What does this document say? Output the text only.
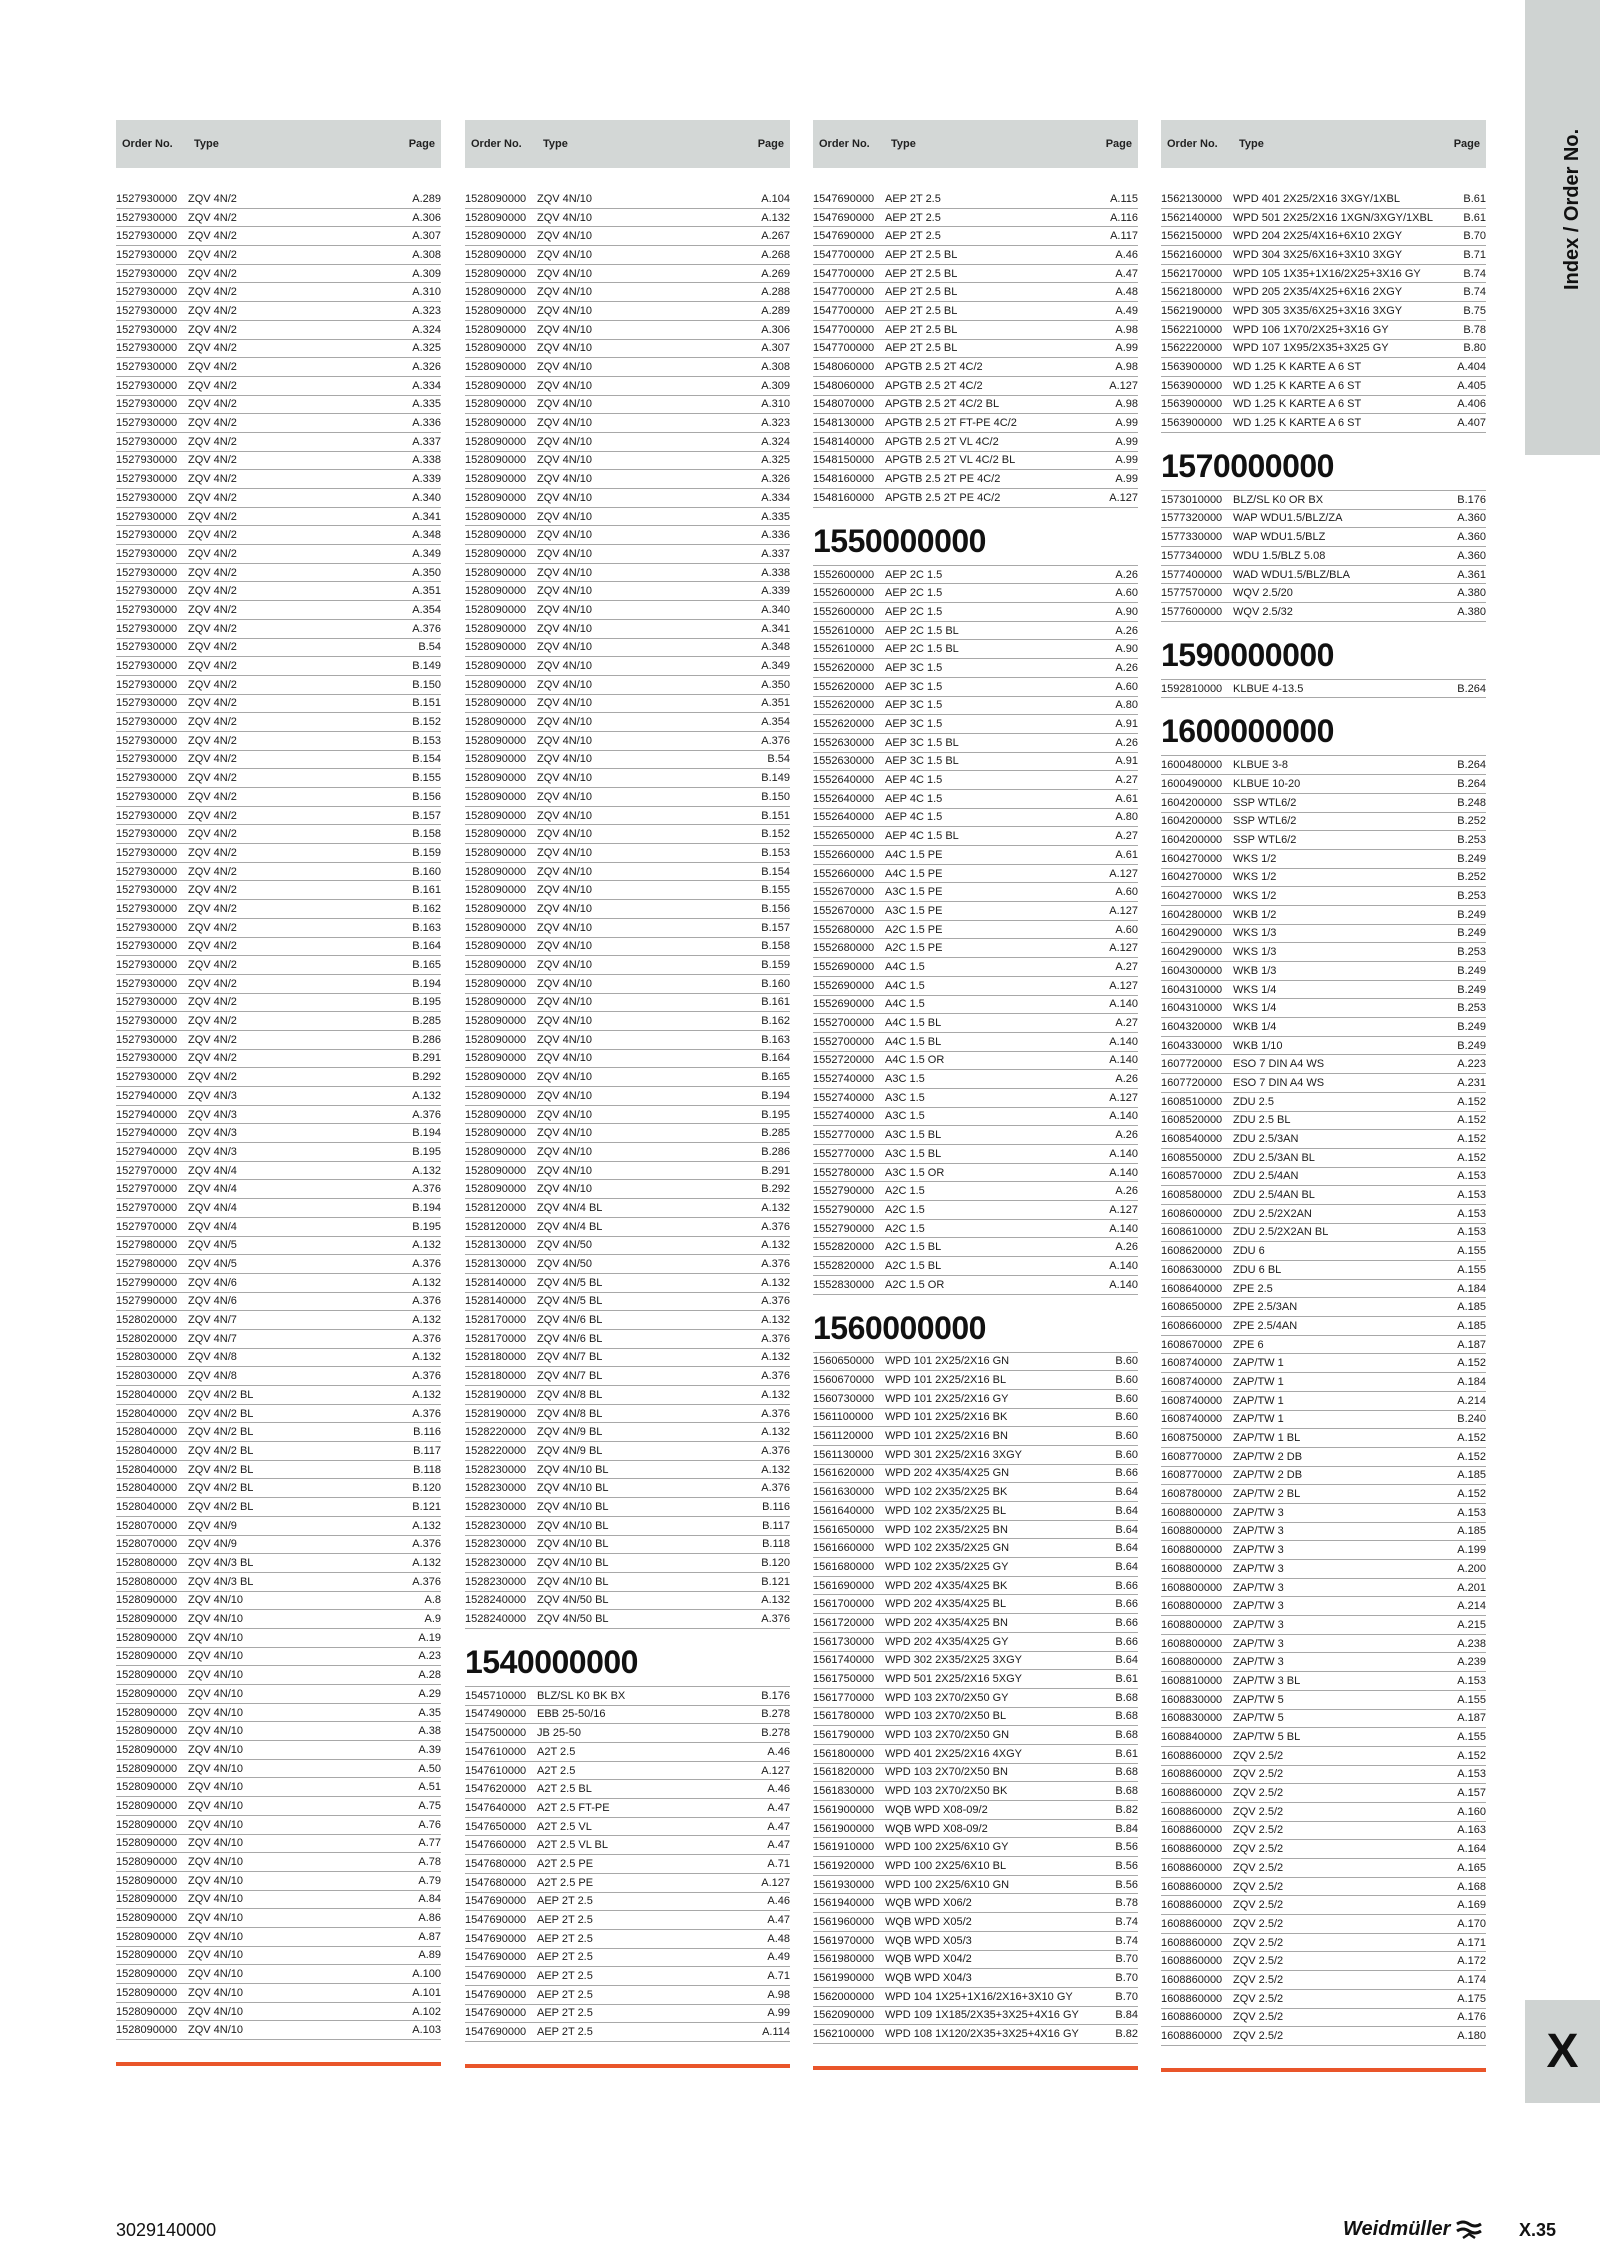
Index / Order No.
X
Order No.	Type	Page
1527930000 ZQV 4N/2	A.289
1527930000 ZQV 4N/2	A.306
1527930000 ZQV 4N/2	A.307
1527930000 ZQV 4N/2	A.308
1527930000 ZQV 4N/2	A.309
1527930000 ZQV 4N/2	A.310
1527930000 ZQV 4N/2	A.323
1527930000 ZQV 4N/2	A.324
1527930000 ZQV 4N/2	A.325
1527930000 ZQV 4N/2	A.326
1527930000 ZQV 4N/2	A.334
1527930000 ZQV 4N/2	A.335
1527930000 ZQV 4N/2	A.336
1527930000 ZQV 4N/2	A.337
1527930000 ZQV 4N/2	A.338
1527930000 ZQV 4N/2	A.339
1527930000 ZQV 4N/2	A.340
1527930000 ZQV 4N/2	A.341
1527930000 ZQV 4N/2	A.348
1527930000 ZQV 4N/2	A.349
1527930000 ZQV 4N/2	A.350
1527930000 ZQV 4N/2	A.351
1527930000 ZQV 4N/2	A.354
1527930000 ZQV 4N/2	A.376
1527930000 ZQV 4N/2	B.54
1527930000 ZQV 4N/2	B.149
1527930000 ZQV 4N/2	B.150
1527930000 ZQV 4N/2	B.151
1527930000 ZQV 4N/2	B.152
1527930000 ZQV 4N/2	B.153
1527930000 ZQV 4N/2	B.154
1527930000 ZQV 4N/2	B.155
1527930000 ZQV 4N/2	B.156
1527930000 ZQV 4N/2	B.157
1527930000 ZQV 4N/2	B.158
1527930000 ZQV 4N/2	B.159
1527930000 ZQV 4N/2	B.160
1527930000 ZQV 4N/2	B.161
1527930000 ZQV 4N/2	B.162
1527930000 ZQV 4N/2	B.163
1527930000 ZQV 4N/2	B.164
1527930000 ZQV 4N/2	B.165
1527930000 ZQV 4N/2	B.194
1527930000 ZQV 4N/2	B.195
1527930000 ZQV 4N/2	B.285
1527930000 ZQV 4N/2	B.286
1527930000 ZQV 4N/2	B.291
1527930000 ZQV 4N/2	B.292
1527940000 ZQV 4N/3	A.132
1527940000 ZQV 4N/3	A.376
1527940000 ZQV 4N/3	B.194
1527940000 ZQV 4N/3	B.195
1527970000 ZQV 4N/4	A.132
1527970000 ZQV 4N/4	A.376
1527970000 ZQV 4N/4	B.194
1527970000 ZQV 4N/4	B.195
1527980000 ZQV 4N/5	A.132
1527980000 ZQV 4N/5	A.376
1527990000 ZQV 4N/6	A.132
1527990000 ZQV 4N/6	A.376
1528020000 ZQV 4N/7	A.132
1528020000 ZQV 4N/7	A.376
1528030000 ZQV 4N/8	A.132
1528030000 ZQV 4N/8	A.376
1528040000 ZQV 4N/2 BL	A.132
1528040000 ZQV 4N/2 BL	A.376
1528040000 ZQV 4N/2 BL	B.116
1528040000 ZQV 4N/2 BL	B.117
1528040000 ZQV 4N/2 BL	B.118
1528040000 ZQV 4N/2 BL	B.120
1528040000 ZQV 4N/2 BL	B.121
1528070000 ZQV 4N/9	A.132
1528070000 ZQV 4N/9	A.376
1528080000 ZQV 4N/3 BL	A.132
1528080000 ZQV 4N/3 BL	A.376
1528090000 ZQV 4N/10	A.8
1528090000 ZQV 4N/10	A.9
1528090000 ZQV 4N/10	A.19
1528090000 ZQV 4N/10	A.23
1528090000 ZQV 4N/10	A.28
1528090000 ZQV 4N/10	A.29
1528090000 ZQV 4N/10	A.35
1528090000 ZQV 4N/10	A.38
1528090000 ZQV 4N/10	A.39
1528090000 ZQV 4N/10	A.50
1528090000 ZQV 4N/10	A.51
1528090000 ZQV 4N/10	A.75
1528090000 ZQV 4N/10	A.76
1528090000 ZQV 4N/10	A.77
1528090000 ZQV 4N/10	A.78
1528090000 ZQV 4N/10	A.79
1528090000 ZQV 4N/10	A.84
1528090000 ZQV 4N/10	A.86
1528090000 ZQV 4N/10	A.87
1528090000 ZQV 4N/10	A.89
1528090000 ZQV 4N/10	A.100
1528090000 ZQV 4N/10	A.101
1528090000 ZQV 4N/10	A.102
1528090000 ZQV 4N/10	A.103
Order No.	Type	Page
1528090000 ZQV 4N/10	A.104
1528090000 ZQV 4N/10	A.132
1528090000 ZQV 4N/10	A.267
1528090000 ZQV 4N/10	A.268
1528090000 ZQV 4N/10	A.269
1528090000 ZQV 4N/10	A.288
1528090000 ZQV 4N/10	A.289
1528090000 ZQV 4N/10	A.306
1528090000 ZQV 4N/10	A.307
1528090000 ZQV 4N/10	A.308
1528090000 ZQV 4N/10	A.309
1528090000 ZQV 4N/10	A.310
1528090000 ZQV 4N/10	A.323
1528090000 ZQV 4N/10	A.324
1528090000 ZQV 4N/10	A.325
1528090000 ZQV 4N/10	A.326
1528090000 ZQV 4N/10	A.334
1528090000 ZQV 4N/10	A.335
1528090000 ZQV 4N/10	A.336
1528090000 ZQV 4N/10	A.337
1528090000 ZQV 4N/10	A.338
1528090000 ZQV 4N/10	A.339
1528090000 ZQV 4N/10	A.340
1528090000 ZQV 4N/10	A.341
1528090000 ZQV 4N/10	A.348
1528090000 ZQV 4N/10	A.349
1528090000 ZQV 4N/10	A.350
1528090000 ZQV 4N/10	A.351
1528090000 ZQV 4N/10	A.354
1528090000 ZQV 4N/10	A.376
1528090000 ZQV 4N/10	B.54
1528090000 ZQV 4N/10	B.149
1528090000 ZQV 4N/10	B.150
1528090000 ZQV 4N/10	B.151
1528090000 ZQV 4N/10	B.152
1528090000 ZQV 4N/10	B.153
1528090000 ZQV 4N/10	B.154
1528090000 ZQV 4N/10	B.155
1528090000 ZQV 4N/10	B.156
1528090000 ZQV 4N/10	B.157
1528090000 ZQV 4N/10	B.158
1528090000 ZQV 4N/10	B.159
1528090000 ZQV 4N/10	B.160
1528090000 ZQV 4N/10	B.161
1528090000 ZQV 4N/10	B.162
1528090000 ZQV 4N/10	B.163
1528090000 ZQV 4N/10	B.164
1528090000 ZQV 4N/10	B.165
1528090000 ZQV 4N/10	B.194
1528090000 ZQV 4N/10	B.195
1528090000 ZQV 4N/10	B.285
1528090000 ZQV 4N/10	B.286
1528090000 ZQV 4N/10	B.291
1528090000 ZQV 4N/10	B.292
1528120000 ZQV 4N/4 BL	A.132
1528120000 ZQV 4N/4 BL	A.376
1528130000 ZQV 4N/50	A.132
1528130000 ZQV 4N/50	A.376
1528140000 ZQV 4N/5 BL	A.132
1528140000 ZQV 4N/5 BL	A.376
1528170000 ZQV 4N/6 BL	A.132
1528170000 ZQV 4N/6 BL	A.376
1528180000 ZQV 4N/7 BL	A.132
1528180000 ZQV 4N/7 BL	A.376
1528190000 ZQV 4N/8 BL	A.132
1528190000 ZQV 4N/8 BL	A.376
1528220000 ZQV 4N/9 BL	A.132
1528220000 ZQV 4N/9 BL	A.376
1528230000 ZQV 4N/10 BL	A.132
1528230000 ZQV 4N/10 BL	A.376
1528230000 ZQV 4N/10 BL	B.116
1528230000 ZQV 4N/10 BL	B.117
1528230000 ZQV 4N/10 BL	B.118
1528230000 ZQV 4N/10 BL	B.120
1528230000 ZQV 4N/10 BL	B.121
1528240000 ZQV 4N/50 BL	A.132
1528240000 ZQV 4N/50 BL	A.376
1540000000
1545710000 BLZ/SL K0 BK BX	B.176
1547490000 EBB 25-50/16	B.278
1547500000 JB 25-50	B.278
1547610000 A2T 2.5	A.46
1547610000 A2T 2.5	A.127
1547620000 A2T 2.5 BL	A.46
1547640000 A2T 2.5 FT-PE	A.47
1547650000 A2T 2.5 VL	A.47
1547660000 A2T 2.5 VL BL	A.47
1547680000 A2T 2.5 PE	A.71
1547680000 A2T 2.5 PE	A.127
1547690000 AEP 2T 2.5	A.46
1547690000 AEP 2T 2.5	A.47
1547690000 AEP 2T 2.5	A.48
1547690000 AEP 2T 2.5	A.49
1547690000 AEP 2T 2.5	A.71
1547690000 AEP 2T 2.5	A.98
1547690000 AEP 2T 2.5	A.99
1547690000 AEP 2T 2.5	A.114
Order No.	Type	Page
1547690000 AEP 2T 2.5	A.115
1547690000 AEP 2T 2.5	A.116
1547690000 AEP 2T 2.5	A.117
1547700000 AEP 2T 2.5 BL	A.46
1547700000 AEP 2T 2.5 BL	A.47
1547700000 AEP 2T 2.5 BL	A.48
1547700000 AEP 2T 2.5 BL	A.49
1547700000 AEP 2T 2.5 BL	A.98
1547700000 AEP 2T 2.5 BL	A.99
1548060000 APGTB 2.5 2T 4C/2	A.98
1548060000 APGTB 2.5 2T 4C/2	A.127
1548070000 APGTB 2.5 2T 4C/2 BL	A.98
1548130000 APGTB 2.5 2T FT-PE 4C/2	A.99
1548140000 APGTB 2.5 2T VL 4C/2	A.99
1548150000 APGTB 2.5 2T VL 4C/2 BL	A.99
1548160000 APGTB 2.5 2T PE 4C/2	A.99
1548160000 APGTB 2.5 2T PE 4C/2	A.127
1550000000
1552600000 AEP 2C 1.5	A.26
1552600000 AEP 2C 1.5	A.60
1552600000 AEP 2C 1.5	A.90
1552610000 AEP 2C 1.5 BL	A.26
1552610000 AEP 2C 1.5 BL	A.90
1552620000 AEP 3C 1.5	A.26
1552620000 AEP 3C 1.5	A.60
1552620000 AEP 3C 1.5	A.80
1552620000 AEP 3C 1.5	A.91
1552630000 AEP 3C 1.5 BL	A.26
1552630000 AEP 3C 1.5 BL	A.91
1552640000 AEP 4C 1.5	A.27
1552640000 AEP 4C 1.5	A.61
1552640000 AEP 4C 1.5	A.80
1552650000 AEP 4C 1.5 BL	A.27
1552660000 A4C 1.5 PE	A.61
1552660000 A4C 1.5 PE	A.127
1552670000 A3C 1.5 PE	A.60
1552670000 A3C 1.5 PE	A.127
1552680000 A2C 1.5 PE	A.60
1552680000 A2C 1.5 PE	A.127
1552690000 A4C 1.5	A.27
1552690000 A4C 1.5	A.127
1552690000 A4C 1.5	A.140
1552700000 A4C 1.5 BL	A.27
1552700000 A4C 1.5 BL	A.140
1552720000 A4C 1.5 OR	A.140
1552740000 A3C 1.5	A.26
1552740000 A3C 1.5	A.127
1552740000 A3C 1.5	A.140
1552770000 A3C 1.5 BL	A.26
1552770000 A3C 1.5 BL	A.140
1552780000 A3C 1.5 OR	A.140
1552790000 A2C 1.5	A.26
1552790000 A2C 1.5	A.127
1552790000 A2C 1.5	A.140
1552820000 A2C 1.5 BL	A.26
1552820000 A2C 1.5 BL	A.140
1552830000 A2C 1.5 OR	A.140
1560000000
1560650000 WPD 101 2X25/2X16 GN	B.60
1560670000 WPD 101 2X25/2X16 BL	B.60
1560730000 WPD 101 2X25/2X16 GY	B.60
1561100000	WPD 101 2X25/2X16 BK	B.60
1561120000	WPD 101 2X25/2X16 BN	B.60
1561130000	WPD 301 2X25/2X16 3XGY	B.60
1561620000 WPD 202 4X35/4X25 GN	B.66
1561630000 WPD 102 2X35/2X25 BK	B.64
1561640000 WPD 102 2X35/2X25 BL	B.64
1561650000 WPD 102 2X35/2X25 BN	B.64
1561660000 WPD 102 2X35/2X25 GN	B.64
1561680000 WPD 102 2X35/2X25 GY	B.64
1561690000 WPD 202 4X35/4X25 BK	B.66
1561700000 WPD 202 4X35/4X25 BL	B.66
1561720000 WPD 202 4X35/4X25 BN	B.66
1561730000 WPD 202 4X35/4X25 GY	B.66
1561740000 WPD 302 2X35/2X25 3XGY	B.64
1561750000 WPD 501 2X25/2X16 5XGY	B.61
1561770000 WPD 103 2X70/2X50 GY	B.68
1561780000 WPD 103 2X70/2X50 BL	B.68
1561790000 WPD 103 2X70/2X50 GN	B.68
1561800000 WPD 401 2X25/2X16 4XGY	B.61
1561820000 WPD 103 2X70/2X50 BN	B.68
1561830000 WPD 103 2X70/2X50 BK	B.68
1561900000 WQB WPD X08-09/2	B.82
1561900000 WQB WPD X08-09/2	B.84
1561910000 WPD 100 2X25/6X10 GY	B.56
1561920000 WPD 100 2X25/6X10 BL	B.56
1561930000 WPD 100 2X25/6X10 GN	B.56
1561940000 WQB WPD X06/2	B.78
1561960000 WQB WPD X05/2	B.74
1561970000 WQB WPD X05/3	B.74
1561980000 WQB WPD X04/2	B.70
1561990000 WQB WPD X04/3	B.70
1562000000 WPD 104 1X25+1X16/2X16+3X10 GY	B.70
1562090000 WPD 109 1X185/2X35+3X25+4X16 GY	B.84
1562100000 WPD 108 1X120/2X35+3X25+4X16 GY	B.82
Order No.	Type	Page
1562130000 WPD 401 2X25/2X16 3XGY/1XBL	B.61
1562140000 WPD 501 2X25/2X16 1XGN/3XGY/1XBL	B.61
1562150000 WPD 204 2X25/4X16+6X10 2XGY	B.70
1562160000 WPD 304 3X25/6X16+3X10 3XGY	B.71
1562170000 WPD 105 1X35+1X16/2X25+3X16 GY	B.74
1562180000 WPD 205 2X35/4X25+6X16 2XGY	B.74
1562190000 WPD 305 3X35/6X25+3X16 3XGY	B.75
1562210000 WPD 106 1X70/2X25+3X16 GY	B.78
1562220000 WPD 107 1X95/2X35+3X25 GY	B.80
1563900000 WD 1.25 K KARTE A 6 ST	A.404
1563900000 WD 1.25 K KARTE A 6 ST	A.405
1563900000 WD 1.25 K KARTE A 6 ST	A.406
1563900000 WD 1.25 K KARTE A 6 ST	A.407
1570000000
1573010000 BLZ/SL K0 OR BX	B.176
1577320000 WAP WDU1.5/BLZ/ZA	A.360
1577330000 WAP WDU1.5/BLZ	A.360
1577340000 WDU 1.5/BLZ 5.08	A.360
1577400000 WAD WDU1.5/BLZ/BLA	A.361
1577570000 WQV 2.5/20	A.380
1577600000 WQV 2.5/32	A.380
1590000000
1592810000 KLBUE 4-13.5	B.264
1600000000
1600480000 KLBUE 3-8	B.264
1600490000 KLBUE 10-20	B.264
1604200000 SSP WTL6/2	B.248
1604200000 SSP WTL6/2	B.252
1604200000 SSP WTL6/2	B.253
1604270000 WKS 1/2	B.249
1604270000 WKS 1/2	B.252
1604270000 WKS 1/2	B.253
1604280000 WKB 1/2	B.249
1604290000 WKS 1/3	B.249
1604290000 WKS 1/3	B.253
1604300000 WKB 1/3	B.249
1604310000 WKS 1/4	B.249
1604310000 WKS 1/4	B.253
1604320000 WKB 1/4	B.249
1604330000 WKB 1/10	B.249
1607720000 ESO 7 DIN A4 WS	A.223
1607720000 ESO 7 DIN A4 WS	A.231
1608510000 ZDU 2.5	A.152
1608520000 ZDU 2.5 BL	A.152
1608540000 ZDU 2.5/3AN	A.152
1608550000 ZDU 2.5/3AN BL	A.152
1608570000 ZDU 2.5/4AN	A.153
1608580000 ZDU 2.5/4AN BL	A.153
1608600000 ZDU 2.5/2X2AN	A.153
1608610000 ZDU 2.5/2X2AN BL	A.153
1608620000 ZDU 6	A.155
1608630000 ZDU 6 BL	A.155
1608640000 ZPE 2.5	A.184
1608650000 ZPE 2.5/3AN	A.185
1608660000 ZPE 2.5/4AN	A.185
1608670000 ZPE 6	A.187
1608740000 ZAP/TW 1	A.152
1608740000 ZAP/TW 1	A.184
1608740000 ZAP/TW 1	A.214
1608740000 ZAP/TW 1	B.240
1608750000 ZAP/TW 1 BL	A.152
1608770000 ZAP/TW 2 DB	A.152
1608770000 ZAP/TW 2 DB	A.185
1608780000 ZAP/TW 2 BL	A.152
1608800000 ZAP/TW 3	A.153
1608800000 ZAP/TW 3	A.185
1608800000 ZAP/TW 3	A.199
1608800000 ZAP/TW 3	A.200
1608800000 ZAP/TW 3	A.201
1608800000 ZAP/TW 3	A.214
1608800000 ZAP/TW 3	A.215
1608800000 ZAP/TW 3	A.238
1608800000 ZAP/TW 3	A.239
1608810000 ZAP/TW 3 BL	A.153
1608830000 ZAP/TW 5	A.155
1608830000 ZAP/TW 5	A.187
1608840000 ZAP/TW 5 BL	A.155
1608860000 ZQV 2.5/2	A.152
1608860000 ZQV 2.5/2	A.153
1608860000 ZQV 2.5/2	A.157
1608860000 ZQV 2.5/2	A.160
1608860000 ZQV 2.5/2	A.163
1608860000 ZQV 2.5/2	A.164
1608860000 ZQV 2.5/2	A.165
1608860000 ZQV 2.5/2	A.168
1608860000 ZQV 2.5/2	A.169
1608860000 ZQV 2.5/2	A.170
1608860000 ZQV 2.5/2	A.171
1608860000 ZQV 2.5/2	A.172
1608860000 ZQV 2.5/2	A.174
1608860000 ZQV 2.5/2	A.175
1608860000 ZQV 2.5/2	A.176
1608860000 ZQV 2.5/2	A.180
3029140000	Weidmüller	X.35
